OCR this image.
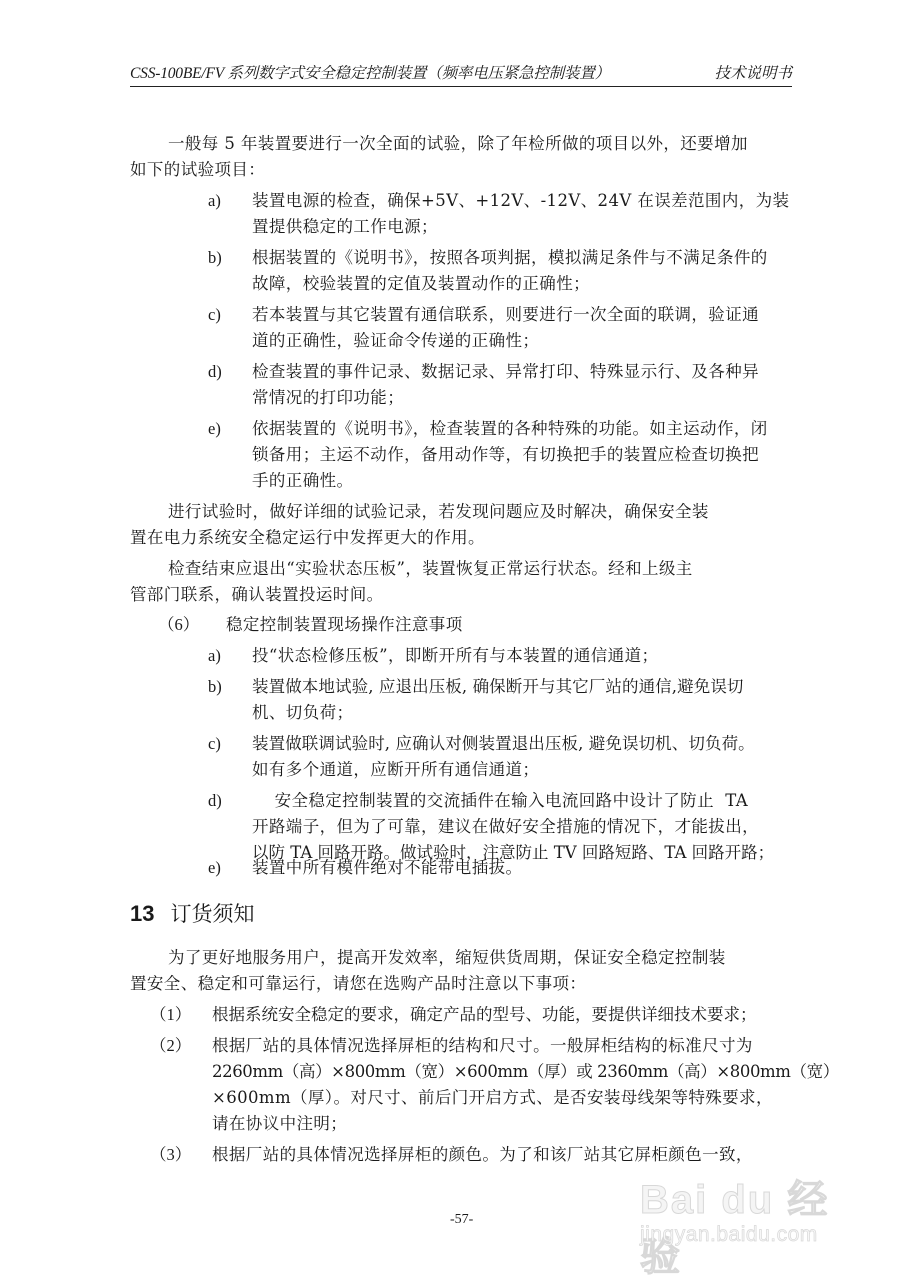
CSS-100BE/FV 系列数字式安全稳定控制装置（频率电压紧急控制装置）	技术说明书
一般每 5 年装置要进行一次全面的试验，除了年检所做的项目以外，还要增加
如下的试验项目：
a) 装置电源的检查，确保+5V、+12V、-12V、24V 在误差范围内，为装
置提供稳定的工作电源；
b) 根据装置的《说明书》，按照各项判据，模拟满足条件与不满足条件的
故障，校验装置的定值及装置动作的正确性；
c) 若本装置与其它装置有通信联系，则要进行一次全面的联调，验证通
道的正确性，验证命令传递的正确性；
d) 检查装置的事件记录、数据记录、异常打印、特殊显示行、及各种异
常情况的打印功能；
e) 依据装置的《说明书》，检查装置的各种特殊的功能。如主运动作，闭
锁备用；主运不动作，备用动作等，有切换把手的装置应检查切换把
手的正确性。
进行试验时，做好详细的试验记录，若发现问题应及时解决，确保安全装
置在电力系统安全稳定运行中发挥更大的作用。
检查结束应退出“实验状态压板”，装置恢复正常运行状态。经和上级主
管部门联系，确认装置投运时间。
（6） 稳定控制装置现场操作注意事项
a) 投“状态检修压板”，即断开所有与本装置的通信通道；
b) 装置做本地试验, 应退出压板, 确保断开与其它厂站的通信,避免误切
机、切负荷；
c) 装置做联调试验时, 应确认对侧装置退出压板, 避免误切机、切负荷。
如有多个通道，应断开所有通信通道；
d) 安全稳定控制装置的交流插件在输入电流回路中设计了防止  TA
开路端子，但为了可靠，建议在做好安全措施的情况下，才能拔出，
以防 TA 回路开路。做试验时，注意防止 TV 回路短路、TA 回路开路；
e) 装置中所有模件绝对不能带电插拔。
13 订货须知
为了更好地服务用户，提高开发效率，缩短供货周期，保证安全稳定控制装
置安全、稳定和可靠运行，请您在选购产品时注意以下事项：
（1） 根据系统安全稳定的要求，确定产品的型号、功能，要提供详细技术要求；
（2） 根据厂站的具体情况选择屏柜的结构和尺寸。一般屏柜结构的标准尺寸为
2260mm（高）×800mm（宽）×600mm（厚）或 2360mm（高）×800mm（宽）
×600mm（厚）。对尺寸、前后门开启方式、是否安装母线架等特殊要求，
请在协议中注明；
（3） 根据厂站的具体情况选择屏柜的颜色。为了和该厂站其它屏柜颜色一致，
-57-	Bai du 经验
jingyan.baidu.com
